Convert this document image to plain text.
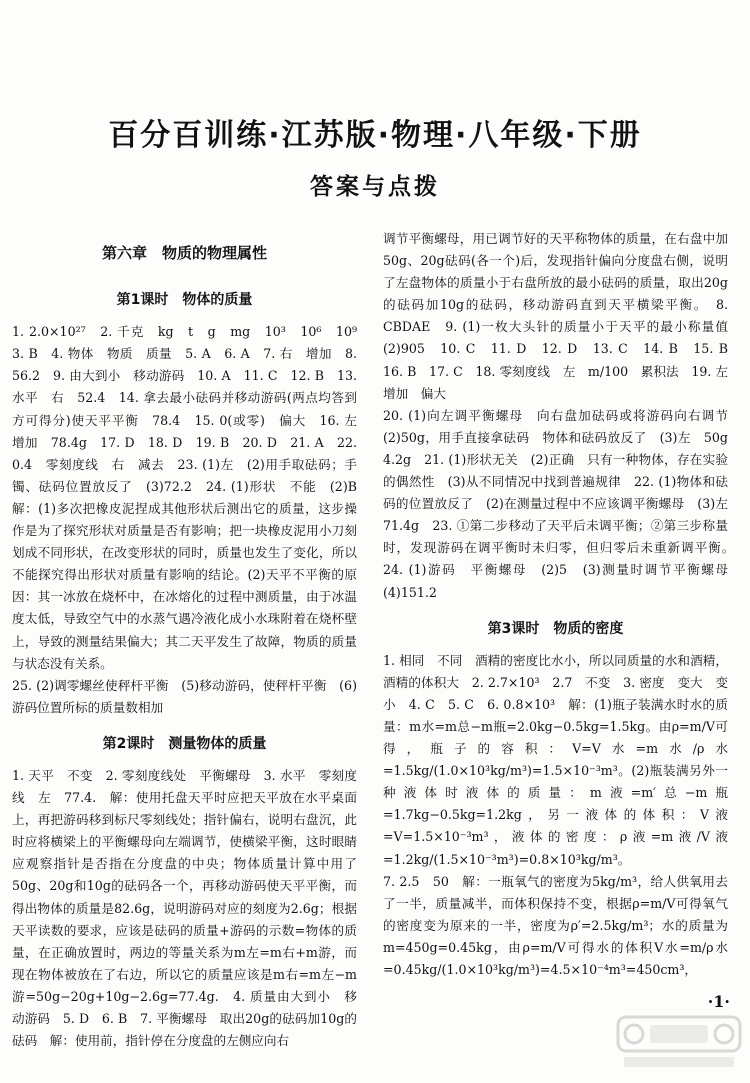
百分百训练·江苏版·物理·八年级·下册
答案与点拨
第六章　物质的物理属性
第1课时　物体的质量

1. 2.0×10²⁷　2. 千克　kg　t　g　mg　10³　10⁶　10⁹　3. B　4. 物体　物质　质量　5. A　6. A　7. 右　增加　8. 56.2　9. 由大到小　移动游码　10. A　11. C　12. B　13. 水平　右　52.4　14. 拿去最小砝码并移动游码(两点均答到方可得分)使天平平衡　78.4　15. 0(或零)　偏大　16. 左　增加　78.4g　17. D　18. D　19. B　20. D　21. A　22. 0.4　零刻度线　右　减去　23. (1)左　(2)用手取砝码；手镯、砝码位置放反了　(3)72.2　24. (1)形状　不能　(2)B　解：(1)多次把橡皮泥捏成其他形状后测出它的质量，这步操作是为了探究形状对质量是否有影响；把一块橡皮泥用小刀刻划成不同形状，在改变形状的同时，质量也发生了变化，所以不能探究得出形状对质量有影响的结论。(2)天平不平衡的原因：其一冰放在烧杯中，在冰熔化的过程中测质量，由于冰温度太低，导致空气中的水蒸气遇冷液化成小水珠附着在烧杯壁上，导致的测量结果偏大；其二天平发生了故障，物质的质量与状态没有关系。

25. (2)调零螺丝使秤杆平衡　(5)移动游码，使秤杆平衡　(6)游码位置所标的质量数相加

第2课时　测量物体的质量

1. 天平　不变　2. 零刻度线处　平衡螺母　3. 水平　零刻度线　左　77.4.　解：使用托盘天平时应把天平放在水平桌面上，再把游码移到标尺零刻线处；指针偏右，说明右盘沉，此时应将横梁上的平衡螺母向左端调节，使横梁平衡，这时眼睛应观察指针是否指在分度盘的中央；物体质量计算中用了50g、20g和10g的砝码各一个，再移动游码使天平平衡，而得出物体的质量是82.6g，说明游码对应的刻度为2.6g；根据天平读数的要求，应该是砝码的质量+游码的示数=物体的质量，在正确放置时，两边的等量关系为m左=m右+m游，而现在物体被放在了右边，所以它的质量应该是m右=m左−m游=50g−20g+10g−2.6g=77.4g.　4. 质量由大到小　移动游码　5. D　6. B　7. 平衡螺母　取出20g的砝码加10g的砝码　解：使用前，指针停在分度盘的左侧应向右

调节平衡螺母，用已调节好的天平称物体的质量，在右盘中加50g、20g砝码(各一个)后，发现指针偏向分度盘右侧，说明了左盘物体的质量小于右盘所放的最小砝码的质量，取出20g的砝码加10g的砝码，移动游码直到天平横梁平衡。　8. CBDAE　9. (1)一枚大头针的质量小于天平的最小称量值　(2)905　10. C　11. D　12. D　13. C　14. B　15. B　16. B　17. C　18. 零刻度线　左　m/100　累积法　19. 左　增加　偏大

20. (1)向左调平衡螺母　向右盘加砝码或将游码向右调节　(2)50g，用手直接拿砝码　物体和砝码放反了　(3)左　50g　4.2g　21. (1)形状无关　(2)正确　只有一种物体，存在实验的偶然性　(3)从不同情况中找到普遍规律　22. (1)物体和砝码的位置放反了　(2)在测量过程中不应该调平衡螺母　(3)左　71.4g　23. ①第二步移动了天平后未调平衡；②第三步称量时，发现游码在调平衡时未归零，但归零后未重新调平衡。　24. (1)游码　平衡螺母　(2)5　(3)测量时调节平衡螺母　(4)151.2

第3课时　物质的密度

1. 相同　不同　酒精的密度比水小，所以同质量的水和酒精，酒精的体积大　2. 2.7×10³　2.7　不变　3. 密度　变大　变小　4. C　5. C　6. 0.8×10³　解：(1)瓶子装满水时水的质量：m水=m总−m瓶=2.0kg−0.5kg=1.5kg。由ρ=m/V可得，瓶子的容积：V=V水=m水/ρ水=1.5kg/(1.0×10³kg/m³)=1.5×10⁻³m³。(2)瓶装满另外一种液体时液体的质量：m液=m′总−m瓶=1.7kg−0.5kg=1.2kg，另一液体的体积：V液=V=1.5×10⁻³m³，液体的密度：ρ液=m液/V液=1.2kg/(1.5×10⁻³m³)=0.8×10³kg/m³。

7. 2.5　50　解：一瓶氧气的密度为5kg/m³，给人供氧用去了一半，质量减半，而体积保持不变，根据ρ=m/V可得氧气的密度变为原来的一半，密度为ρ′=2.5kg/m³；水的质量为m=450g=0.45kg，由ρ=m/V可得水的体积V水=m/ρ水=0.45kg/(1.0×10³kg/m³)=4.5×10⁻⁴m³=450cm³，

·1·
